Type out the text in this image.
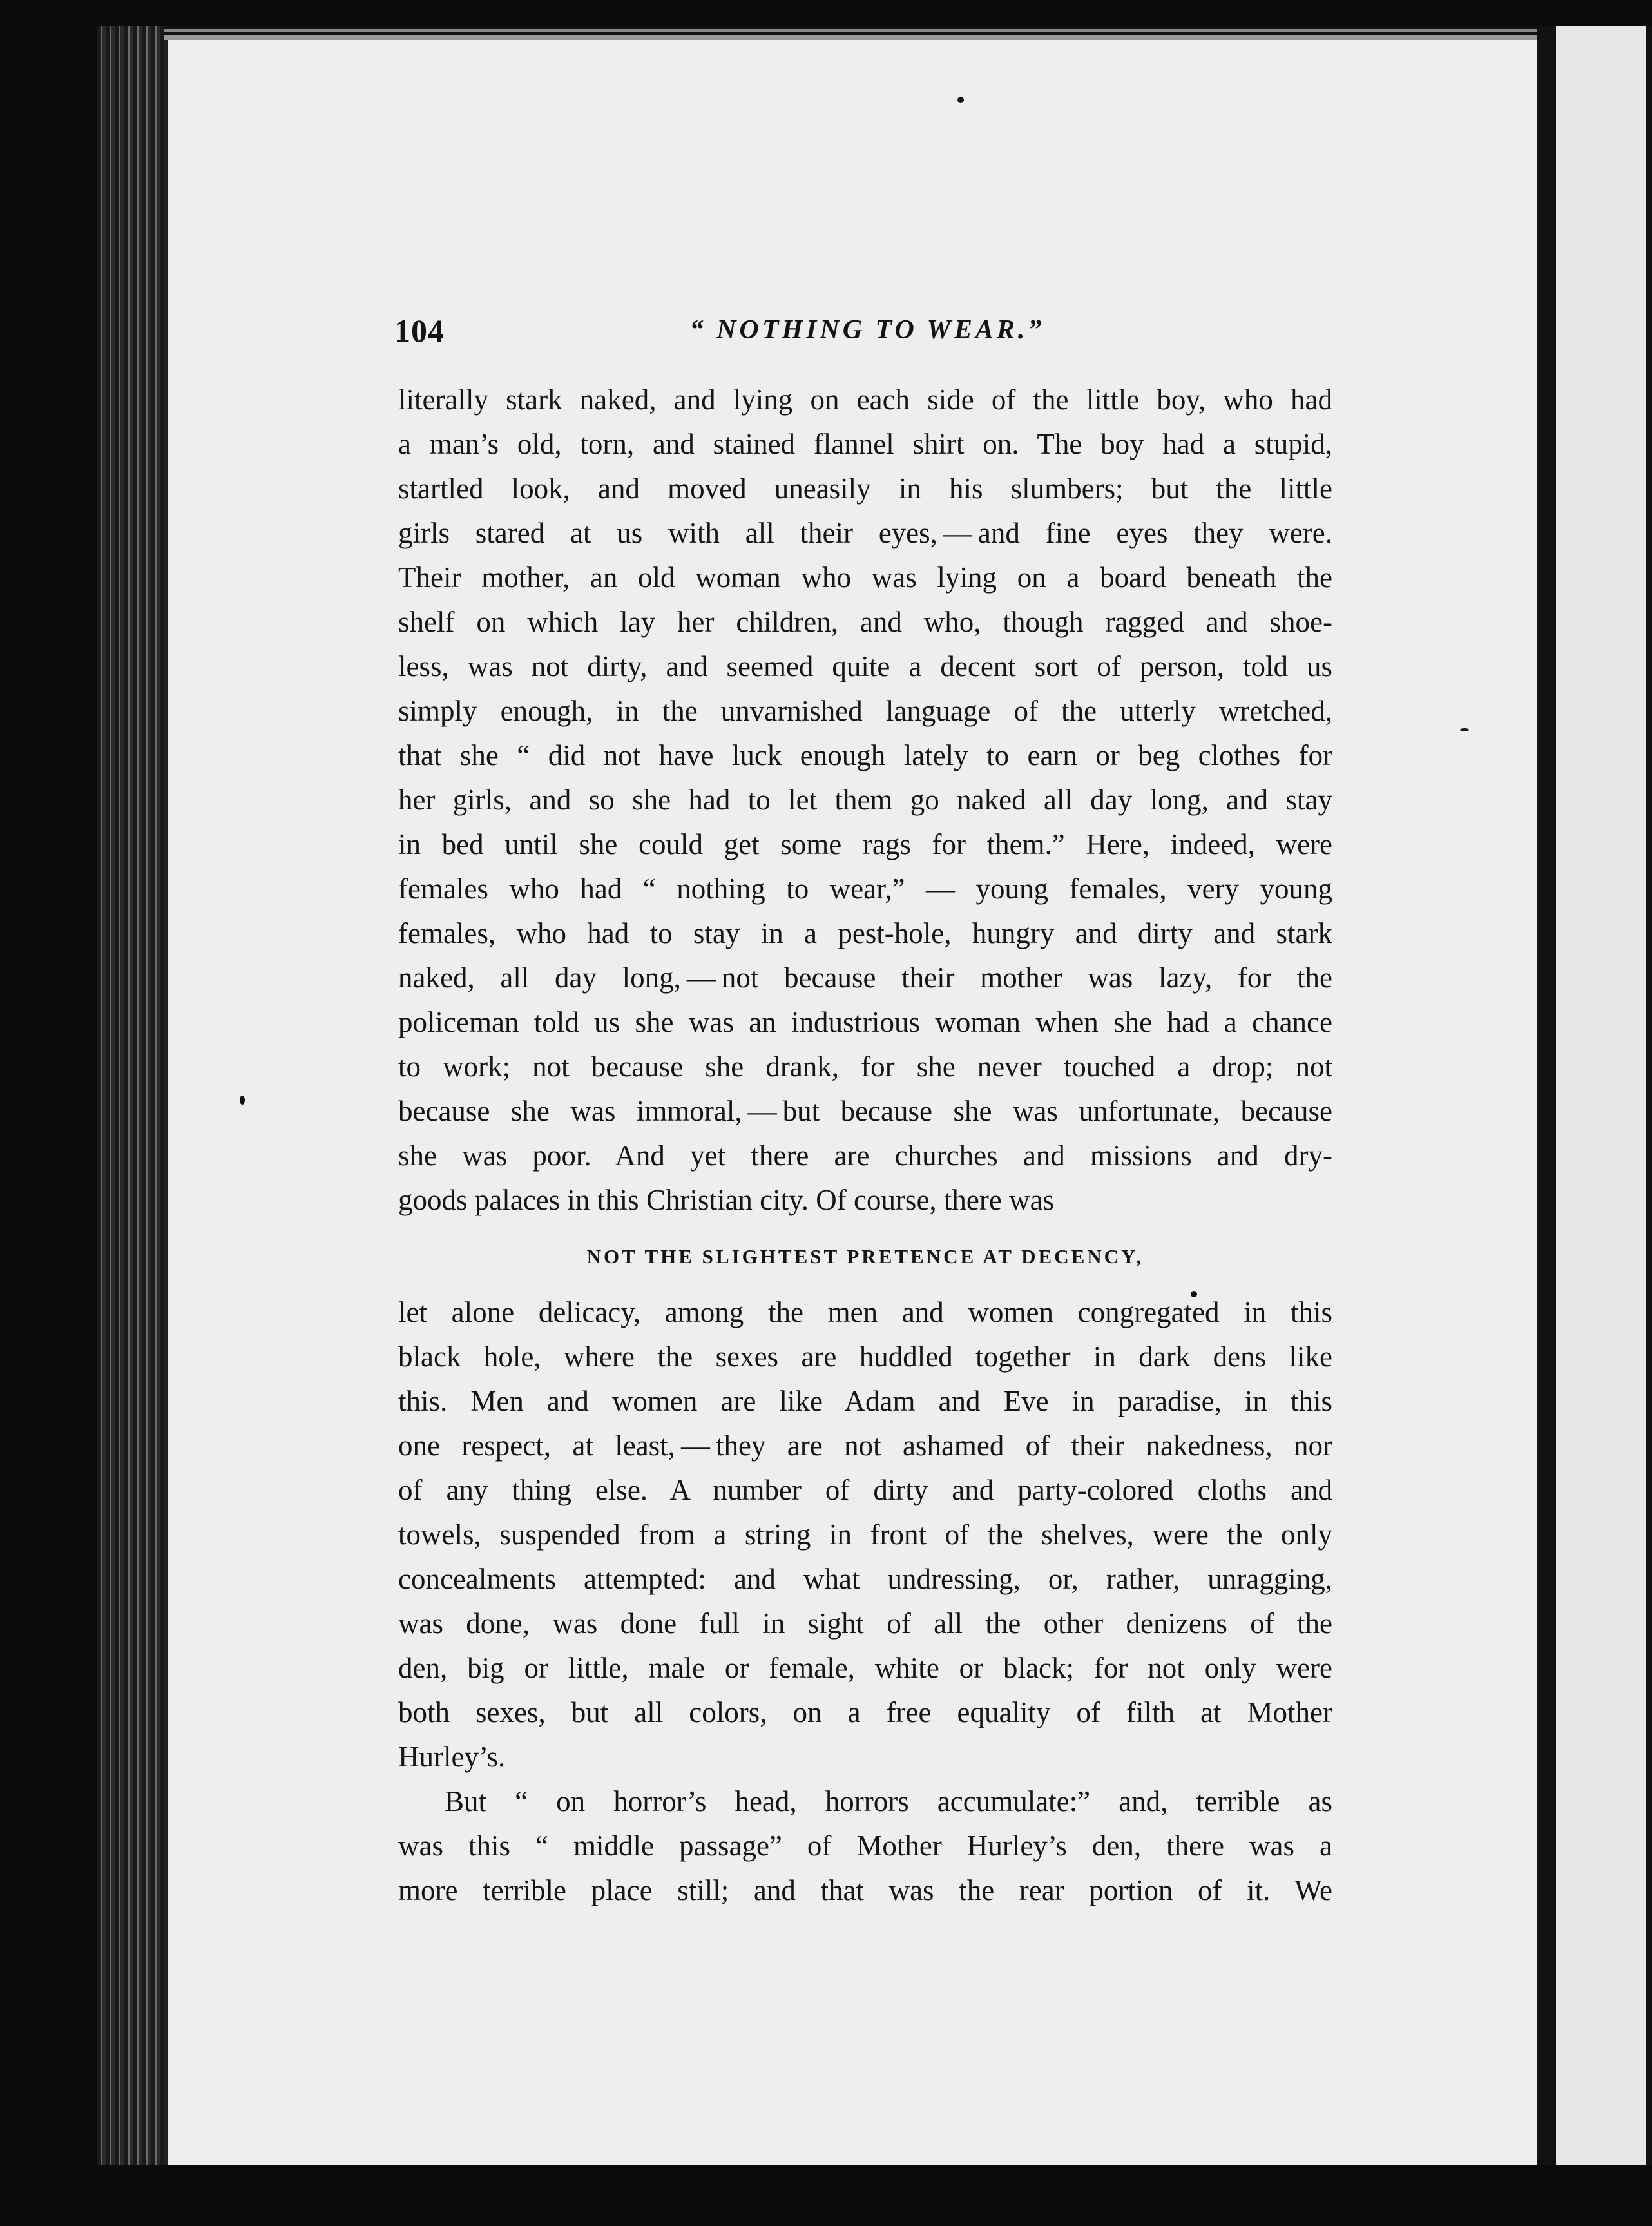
104	“ NOTHING TO WEAR.”
literally stark naked, and lying on each side of the little boy, who had
a man’s old, torn, and stained flannel shirt on. The boy had a stupid,
startled look, and moved uneasily in his slumbers; but the little
girls stared at us with all their eyes, — and fine eyes they were.
Their mother, an old woman who was lying on a board beneath the
shelf on which lay her children, and who, though ragged and shoe-
less, was not dirty, and seemed quite a decent sort of person, told us
simply enough, in the unvarnished language of the utterly wretched,
that she “ did not have luck enough lately to earn or beg clothes for
her girls, and so she had to let them go naked all day long, and stay
in bed until she could get some rags for them.” Here, indeed, were
females who had “ nothing to wear,” — young females, very young
females, who had to stay in a pest-hole, hungry and dirty and stark
naked, all day long, — not because their mother was lazy, for the
policeman told us she was an industrious woman when she had a chance
to work; not because she drank, for she never touched a drop; not
because she was immoral, — but because she was unfortunate, because
she was poor. And yet there are churches and missions and dry-
goods palaces in this Christian city. Of course, there was
NOT THE SLIGHTEST PRETENCE AT DECENCY,
let alone delicacy, among the men and women congregated in this
black hole, where the sexes are huddled together in dark dens like
this. Men and women are like Adam and Eve in paradise, in this
one respect, at least, — they are not ashamed of their nakedness, nor
of any thing else. A number of dirty and party-colored cloths and
towels, suspended from a string in front of the shelves, were the only
concealments attempted: and what undressing, or, rather, unragging,
was done, was done full in sight of all the other denizens of the
den, big or little, male or female, white or black; for not only were
both sexes, but all colors, on a free equality of filth at Mother
Hurley’s.
But “ on horror’s head, horrors accumulate:” and, terrible as
was this “ middle passage” of Mother Hurley’s den, there was a
more terrible place still; and that was the rear portion of it. We
